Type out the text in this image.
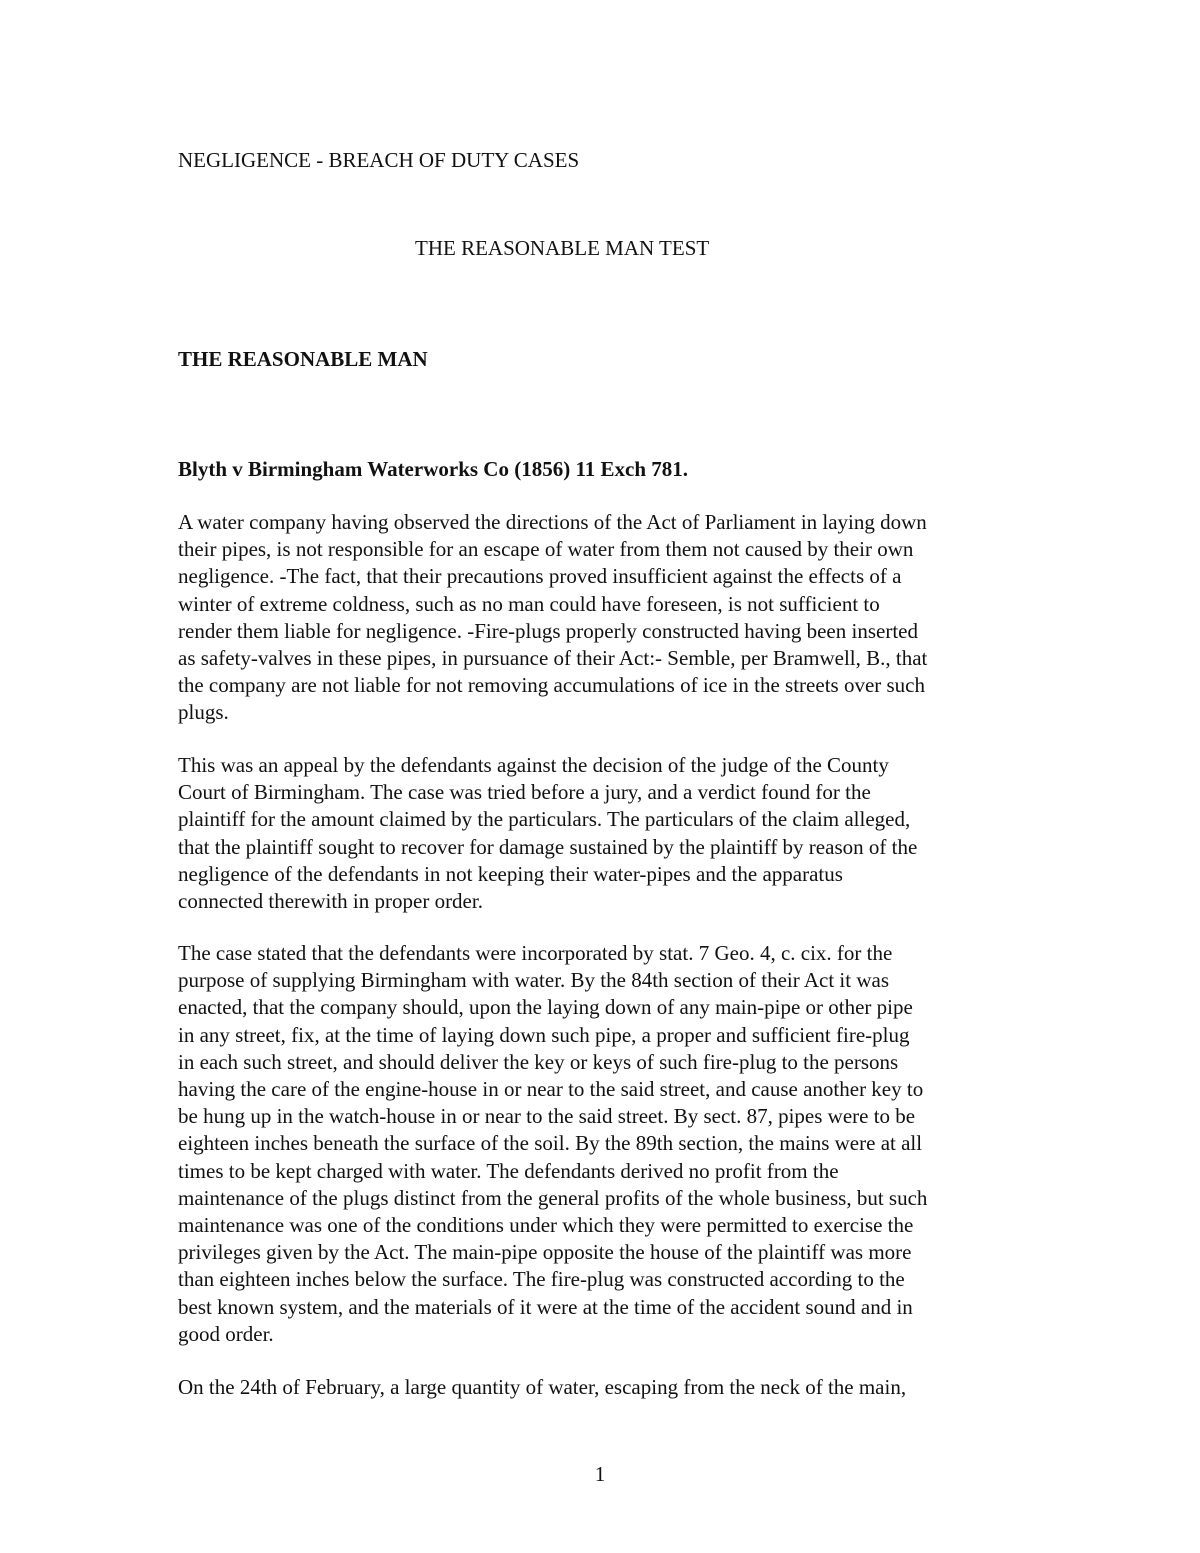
NEGLIGENCE - BREACH OF DUTY CASES
THE REASONABLE MAN TEST
THE REASONABLE MAN
Blyth v Birmingham Waterworks Co (1856) 11 Exch 781.
A water company having observed the directions of the Act of Parliament in laying down
their pipes, is not responsible for an escape of water from them not caused by their own
negligence. -The fact, that their precautions proved insufficient against the effects of a
winter of extreme coldness, such as no man could have foreseen, is not sufficient to
render them liable for negligence. -Fire-plugs properly constructed having been inserted
as safety-valves in these pipes, in pursuance of their Act:- Semble, per Bramwell, B., that
the company are not liable for not removing accumulations of ice in the streets over such
plugs.
This was an appeal by the defendants against the decision of the judge of the County
Court of Birmingham. The case was tried before a jury, and a verdict found for the
plaintiff for the amount claimed by the particulars. The particulars of the claim alleged,
that the plaintiff sought to recover for damage sustained by the plaintiff by reason of the
negligence of the defendants in not keeping their water-pipes and the apparatus
connected therewith in proper order.
The case stated that the defendants were incorporated by stat. 7 Geo. 4, c. cix. for the
purpose of supplying Birmingham with water. By the 84th section of their Act it was
enacted, that the company should, upon the laying down of any main-pipe or other pipe
in any street, fix, at the time of laying down such pipe, a proper and sufficient fire-plug
in each such street, and should deliver the key or keys of such fire-plug to the persons
having the care of the engine-house in or near to the said street, and cause another key to
be hung up in the watch-house in or near to the said street. By sect. 87, pipes were to be
eighteen inches beneath the surface of the soil. By the 89th section, the mains were at all
times to be kept charged with water. The defendants derived no profit from the
maintenance of the plugs distinct from the general profits of the whole business, but such
maintenance was one of the conditions under which they were permitted to exercise the
privileges given by the Act. The main-pipe opposite the house of the plaintiff was more
than eighteen inches below the surface. The fire-plug was constructed according to the
best known system, and the materials of it were at the time of the accident sound and in
good order.
On the 24th of February, a large quantity of water, escaping from the neck of the main,
1
